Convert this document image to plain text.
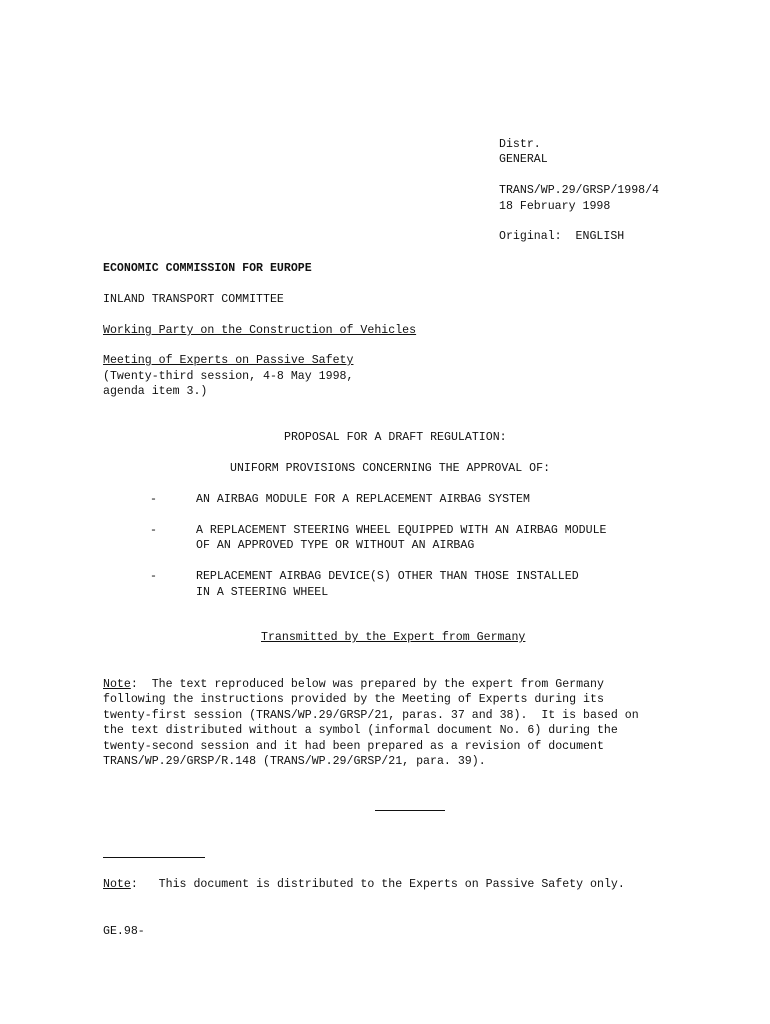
Distr.
GENERAL
TRANS/WP.29/GRSP/1998/4
18 February 1998
Original:  ENGLISH
ECONOMIC COMMISSION FOR EUROPE
INLAND TRANSPORT COMMITTEE
Working Party on the Construction of Vehicles
Meeting of Experts on Passive Safety
(Twenty-third session, 4-8 May 1998,
agenda item 3.)
PROPOSAL FOR A DRAFT REGULATION:
UNIFORM PROVISIONS CONCERNING THE APPROVAL OF:
-	AN AIRBAG MODULE FOR A REPLACEMENT AIRBAG SYSTEM
-	A REPLACEMENT STEERING WHEEL EQUIPPED WITH AN AIRBAG MODULE
OF AN APPROVED TYPE OR WITHOUT AN AIRBAG
-	REPLACEMENT AIRBAG DEVICE(S) OTHER THAN THOSE INSTALLED
IN A STEERING WHEEL
Transmitted by the Expert from Germany
Note:  The text reproduced below was prepared by the expert from Germany
following the instructions provided by the Meeting of Experts during its
twenty-first session (TRANS/WP.29/GRSP/21, paras. 37 and 38).  It is based on
the text distributed without a symbol (informal document No. 6) during the
twenty-second session and it had been prepared as a revision of document
TRANS/WP.29/GRSP/R.148 (TRANS/WP.29/GRSP/21, para. 39).
Note:   This document is distributed to the Experts on Passive Safety only.
GE.98-
